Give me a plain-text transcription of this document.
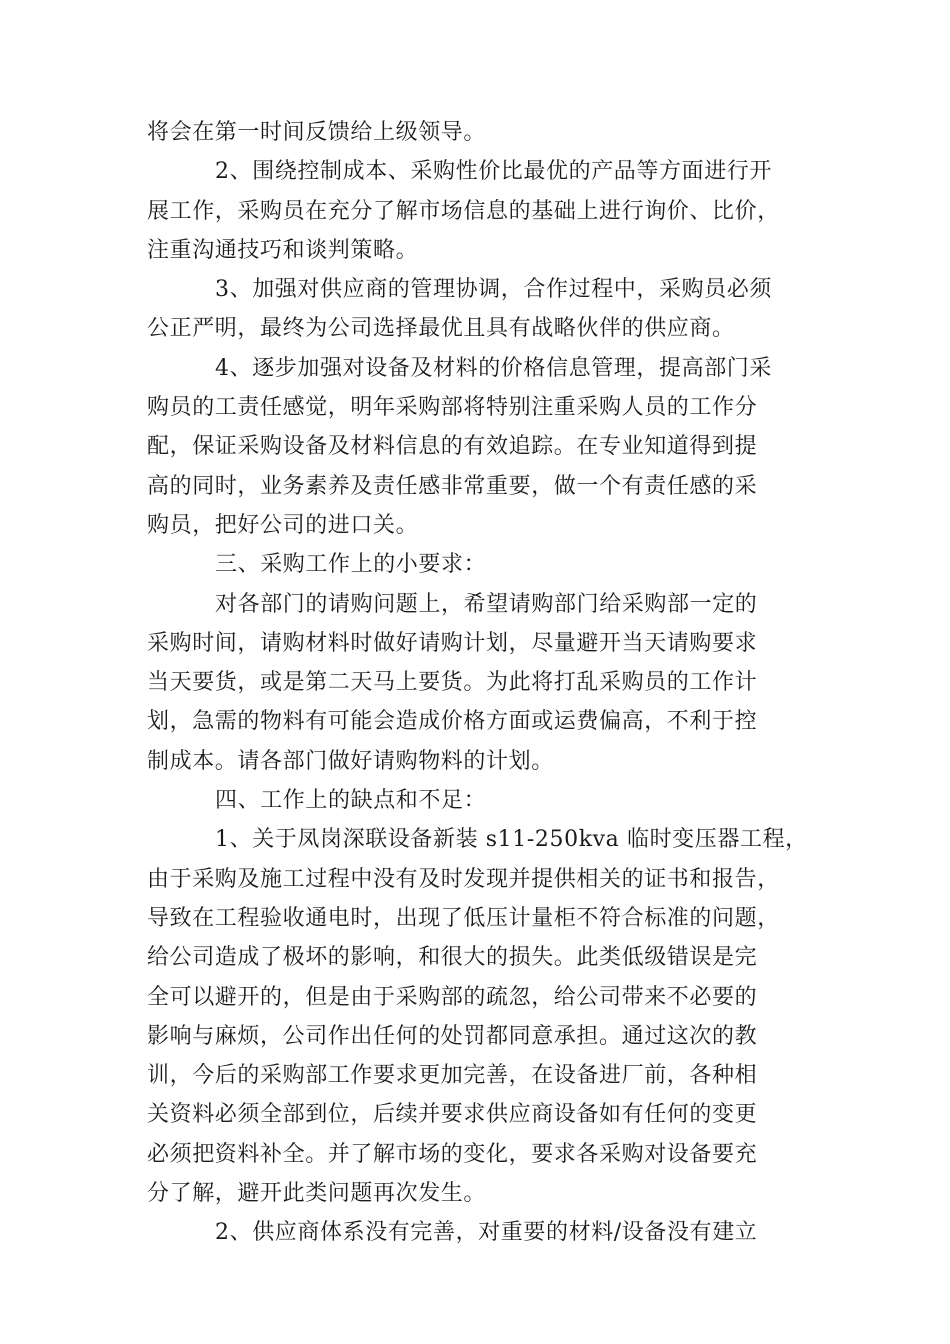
将会在第一时间反馈给上级领导。
2、围绕控制成本、采购性价比最优的产品等方面进行开
展工作，采购员在充分了解市场信息的基础上进行询价、比价，
注重沟通技巧和谈判策略。
3、加强对供应商的管理协调，合作过程中，采购员必须
公正严明，最终为公司选择最优且具有战略伙伴的供应商。
4、逐步加强对设备及材料的价格信息管理，提高部门采
购员的工责任感觉，明年采购部将特别注重采购人员的工作分
配，保证采购设备及材料信息的有效追踪。在专业知道得到提
高的同时，业务素养及责任感非常重要，做一个有责任感的采
购员，把好公司的进口关。
三、采购工作上的小要求：
对各部门的请购问题上，希望请购部门给采购部一定的
采购时间，请购材料时做好请购计划，尽量避开当天请购要求
当天要货，或是第二天马上要货。为此将打乱采购员的工作计
划，急需的物料有可能会造成价格方面或运费偏高，不利于控
制成本。请各部门做好请购物料的计划。
四、工作上的缺点和不足：
1、关于凤岗深联设备新装 s11-250kva 临时变压器工程，
由于采购及施工过程中没有及时发现并提供相关的证书和报告，
导致在工程验收通电时，出现了低压计量柜不符合标准的问题，
给公司造成了极坏的影响，和很大的损失。此类低级错误是完
全可以避开的，但是由于采购部的疏忽，给公司带来不必要的
影响与麻烦，公司作出任何的处罚都同意承担。通过这次的教
训，今后的采购部工作要求更加完善，在设备进厂前，各种相
关资料必须全部到位，后续并要求供应商设备如有任何的变更
必须把资料补全。并了解市场的变化，要求各采购对设备要充
分了解，避开此类问题再次发生。
2、供应商体系没有完善，对重要的材料/设备没有建立
